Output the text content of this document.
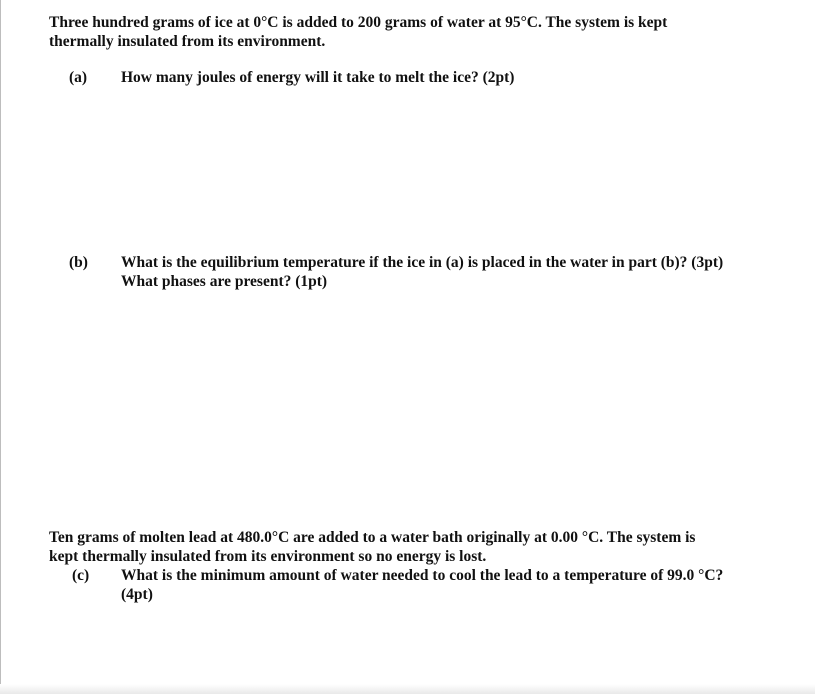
Three hundred grams of ice at 0°C is added to 200 grams of water at 95°C. The system is kept
thermally insulated from its environment.
(a) How many joules of energy will it take to melt the ice? (2pt)
(b) What is the equilibrium temperature if the ice in (a) is placed in the water in part (b)? (3pt)
What phases are present? (1pt)
Ten grams of molten lead at 480.0°C are added to a water bath originally at 0.00 °C. The system is
kept thermally insulated from its environment so no energy is lost.
(c) What is the minimum amount of water needed to cool the lead to a temperature of 99.0 °C?
(4pt)
